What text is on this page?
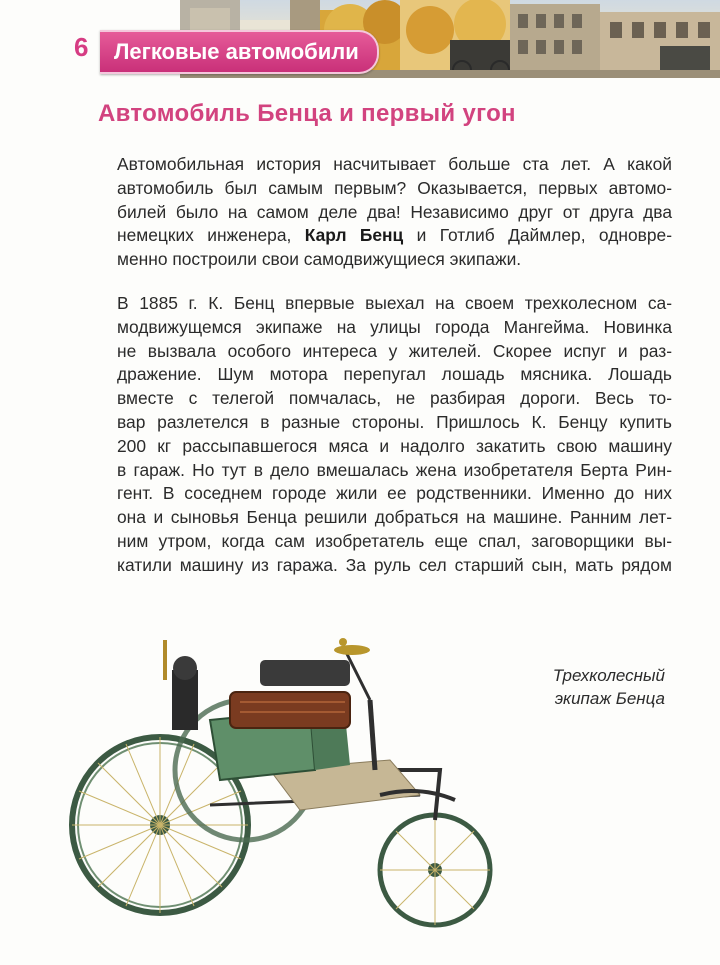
6	Легковые автомобили
Автомобиль Бенца и первый угон
Автомобильная история насчитывает больше ста лет. А какой
автомобиль был самым первым? Оказывается, первых автомо-
билей было на самом деле два! Независимо друг от друга два
немецких инженера, Карл Бенц и Готлиб Даймлер, одновре-
менно построили свои самодвижущиеся экипажи.
В 1885 г. К. Бенц впервые выехал на своем трехколесном са-
модвижущемся экипаже на улицы города Мангейма. Новинка
не вызвала особого интереса у жителей. Скорее испуг и раз-
дражение. Шум мотора перепугал лошадь мясника. Лошадь
вместе с телегой помчалась, не разбирая дороги. Весь то-
вар разлетелся в разные стороны. Пришлось К. Бенцу купить
200 кг рассыпавшегося мяса и надолго закатить свою машину
в гараж. Но тут в дело вмешалась жена изобретателя Берта Рин-
гент. В соседнем городе жили ее родственники. Именно до них
она и сыновья Бенца решили добраться на машине. Ранним лет-
ним утром, когда сам изобретатель еще спал, заговорщики вы-
катили машину из гаража. За руль сел старший сын, мать рядом
Трехколесный
экипаж Бенца
